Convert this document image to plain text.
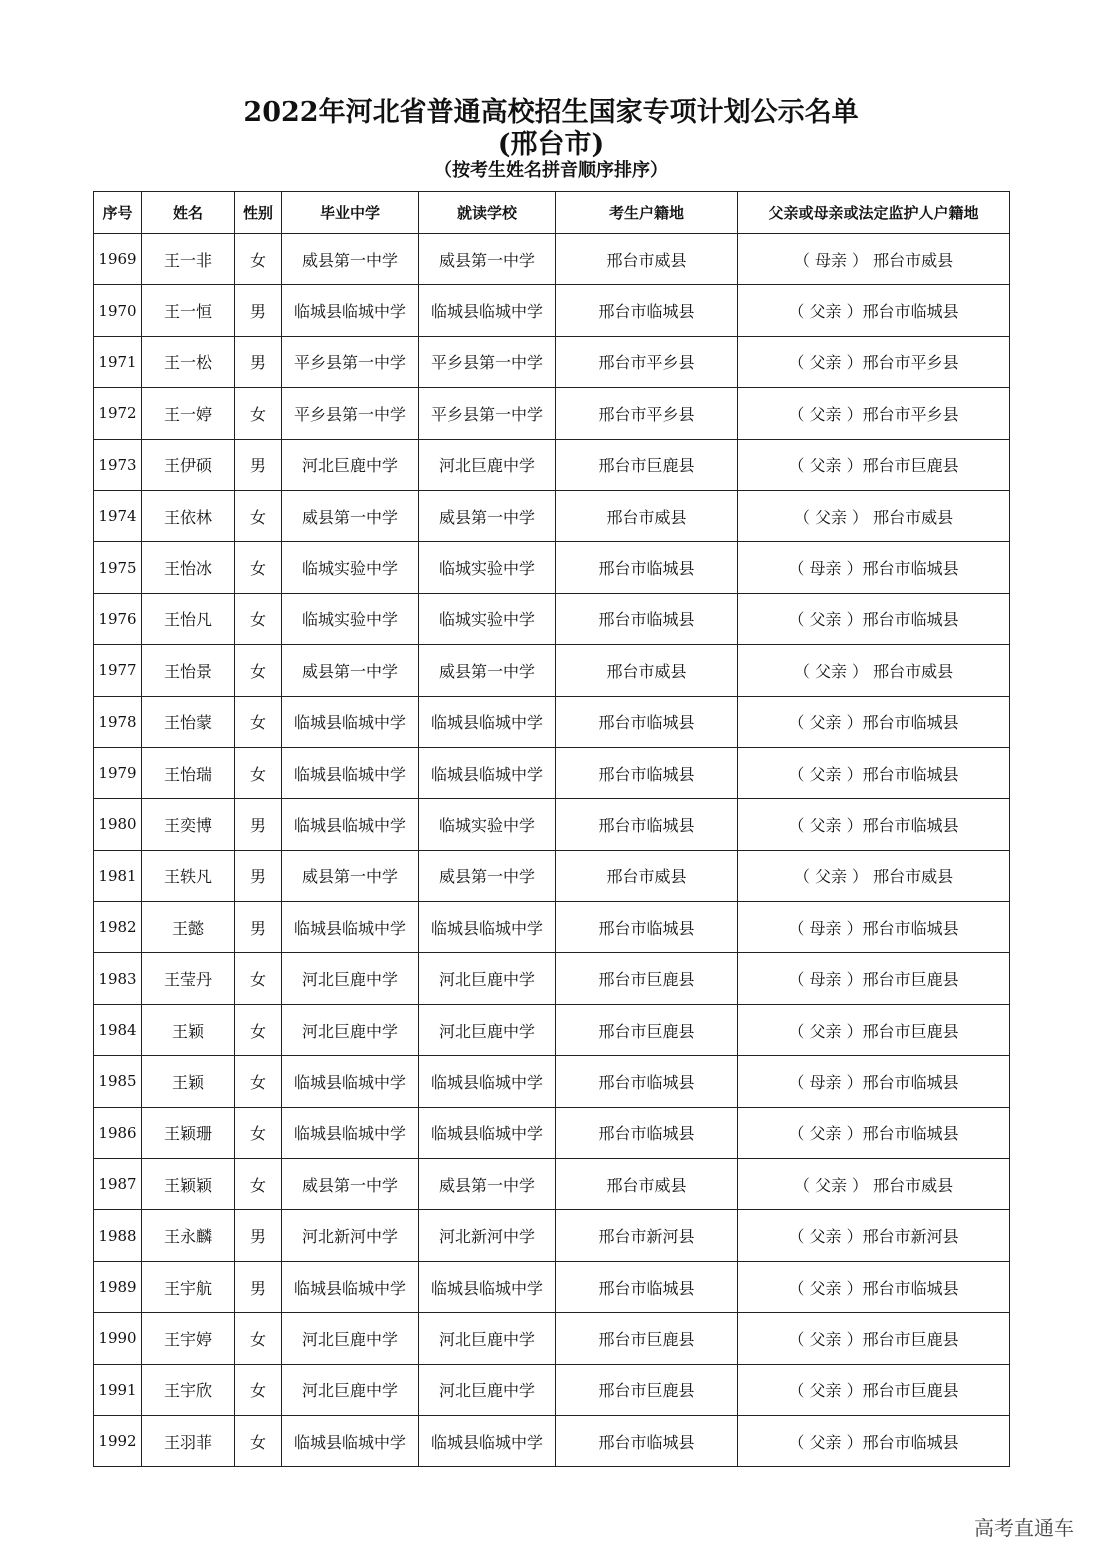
2022年河北省普通高校招生国家专项计划公示名单
(邢台市)
（按考生姓名拼音顺序排序）
序号	姓名	性别	毕业中学	就读学校	考生户籍地	父亲或母亲或法定监护人户籍地
1969	王一非	女	威县第一中学	威县第一中学	邢台市威县	（ 母亲 ） 邢台市威县
1970	王一恒	男	临城县临城中学	临城县临城中学	邢台市临城县	（ 父亲 ）邢台市临城县
1971	王一松	男	平乡县第一中学	平乡县第一中学	邢台市平乡县	（ 父亲 ）邢台市平乡县
1972	王一婷	女	平乡县第一中学	平乡县第一中学	邢台市平乡县	（ 父亲 ）邢台市平乡县
1973	王伊硕	男	河北巨鹿中学	河北巨鹿中学	邢台市巨鹿县	（ 父亲 ）邢台市巨鹿县
1974	王依林	女	威县第一中学	威县第一中学	邢台市威县	（ 父亲 ） 邢台市威县
1975	王怡冰	女	临城实验中学	临城实验中学	邢台市临城县	（ 母亲 ）邢台市临城县
1976	王怡凡	女	临城实验中学	临城实验中学	邢台市临城县	（ 父亲 ）邢台市临城县
1977	王怡景	女	威县第一中学	威县第一中学	邢台市威县	（ 父亲 ） 邢台市威县
1978	王怡蒙	女	临城县临城中学	临城县临城中学	邢台市临城县	（ 父亲 ）邢台市临城县
1979	王怡瑞	女	临城县临城中学	临城县临城中学	邢台市临城县	（ 父亲 ）邢台市临城县
1980	王奕博	男	临城县临城中学	临城实验中学	邢台市临城县	（ 父亲 ）邢台市临城县
1981	王轶凡	男	威县第一中学	威县第一中学	邢台市威县	（ 父亲 ） 邢台市威县
1982	王懿	男	临城县临城中学	临城县临城中学	邢台市临城县	（ 母亲 ）邢台市临城县
1983	王莹丹	女	河北巨鹿中学	河北巨鹿中学	邢台市巨鹿县	（ 母亲 ）邢台市巨鹿县
1984	王颖	女	河北巨鹿中学	河北巨鹿中学	邢台市巨鹿县	（ 父亲 ）邢台市巨鹿县
1985	王颖	女	临城县临城中学	临城县临城中学	邢台市临城县	（ 母亲 ）邢台市临城县
1986	王颖珊	女	临城县临城中学	临城县临城中学	邢台市临城县	（ 父亲 ）邢台市临城县
1987	王颖颖	女	威县第一中学	威县第一中学	邢台市威县	（ 父亲 ） 邢台市威县
1988	王永麟	男	河北新河中学	河北新河中学	邢台市新河县	（ 父亲 ）邢台市新河县
1989	王宇航	男	临城县临城中学	临城县临城中学	邢台市临城县	（ 父亲 ）邢台市临城县
1990	王宇婷	女	河北巨鹿中学	河北巨鹿中学	邢台市巨鹿县	（ 父亲 ）邢台市巨鹿县
1991	王宇欣	女	河北巨鹿中学	河北巨鹿中学	邢台市巨鹿县	（ 父亲 ）邢台市巨鹿县
1992	王羽菲	女	临城县临城中学	临城县临城中学	邢台市临城县	（ 父亲 ）邢台市临城县
高考直通车
